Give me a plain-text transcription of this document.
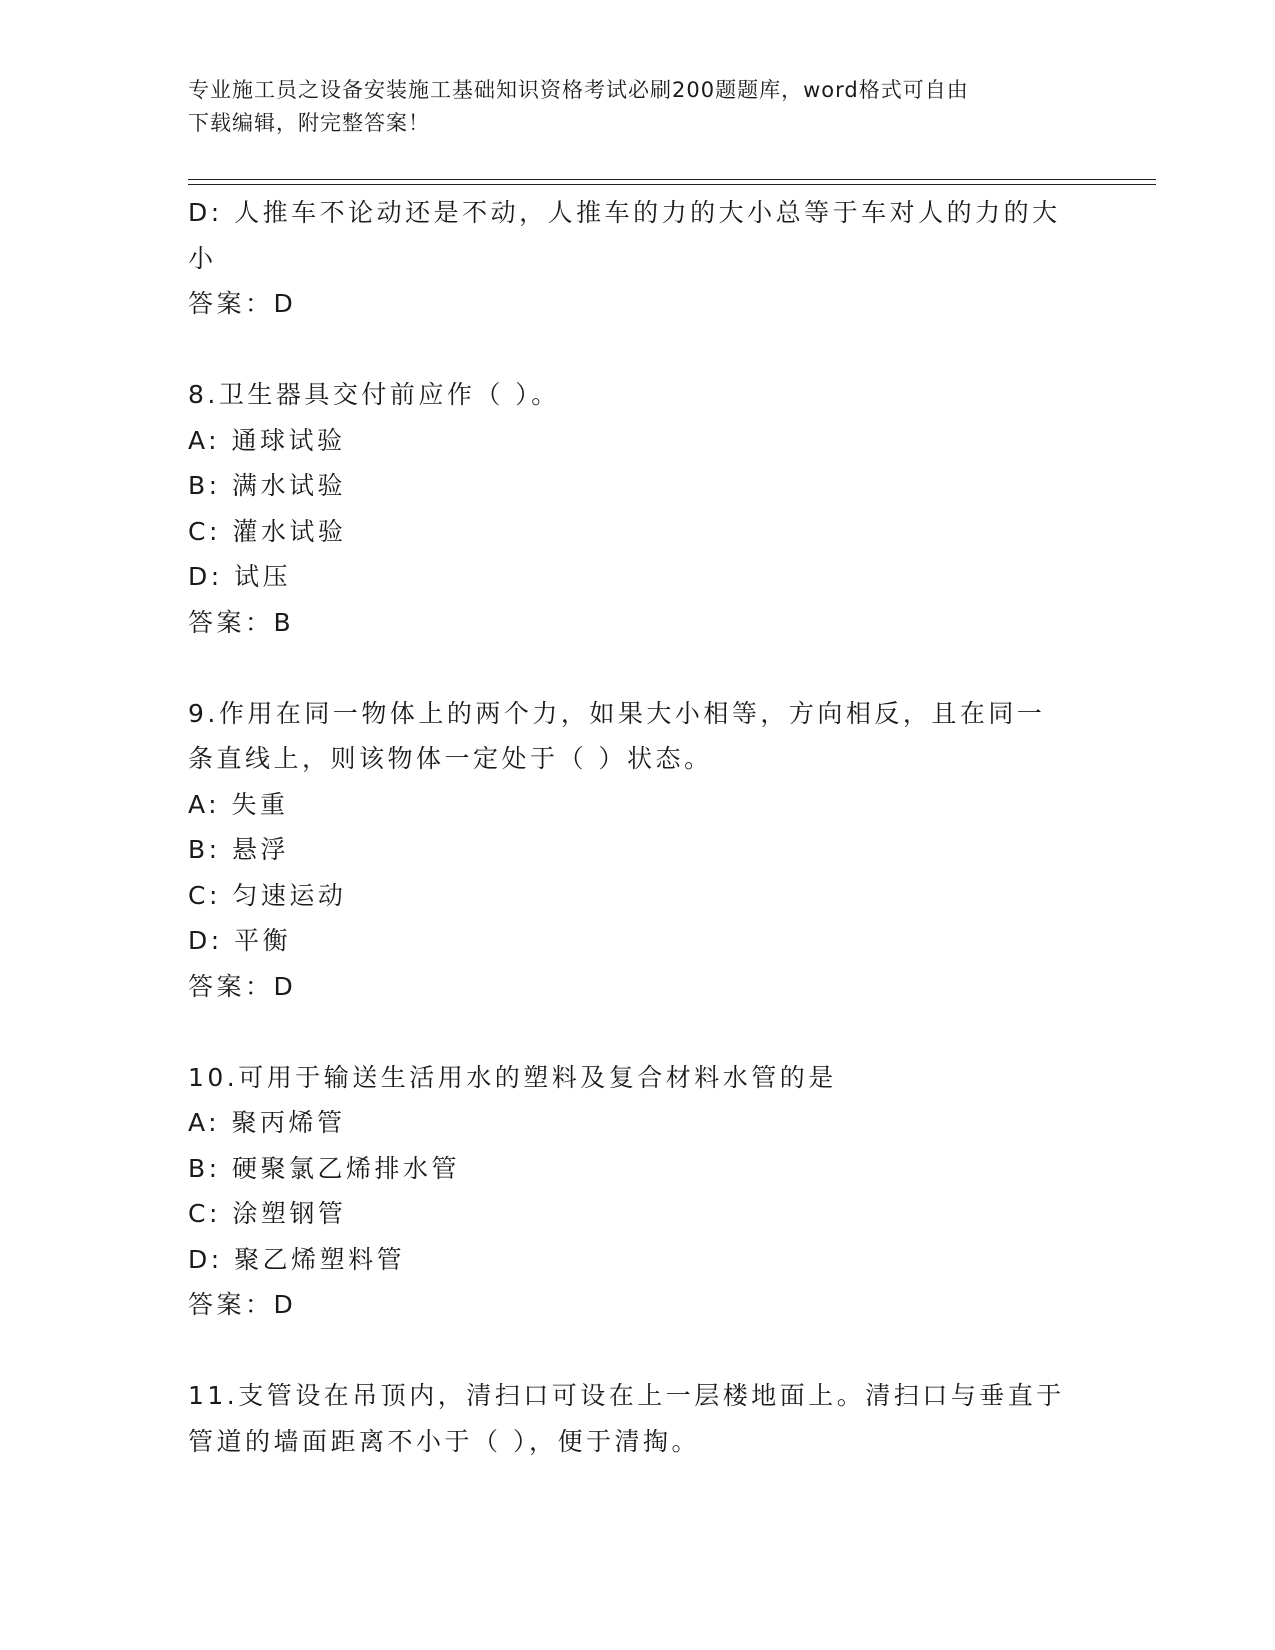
专业施工员之设备安装施工基础知识资格考试必刷200题题库，word格式可自由
下载编辑，附完整答案！
D: 人推车不论动还是不动，人推车的力的大小总等于车对人的力的大
小
答案：D
8.卫生器具交付前应作（ ）。
A: 通球试验
B: 满水试验
C: 灌水试验
D: 试压
答案：B
9.作用在同一物体上的两个力，如果大小相等，方向相反，且在同一
条直线上，则该物体一定处于（ ）状态。
A: 失重
B: 悬浮
C: 匀速运动
D: 平衡
答案：D
10.可用于输送生活用水的塑料及复合材料水管的是
A: 聚丙烯管
B: 硬聚氯乙烯排水管
C: 涂塑钢管
D: 聚乙烯塑料管
答案：D
11.支管设在吊顶内，清扫口可设在上一层楼地面上。清扫口与垂直于
管道的墙面距离不小于（ ），便于清掏。
